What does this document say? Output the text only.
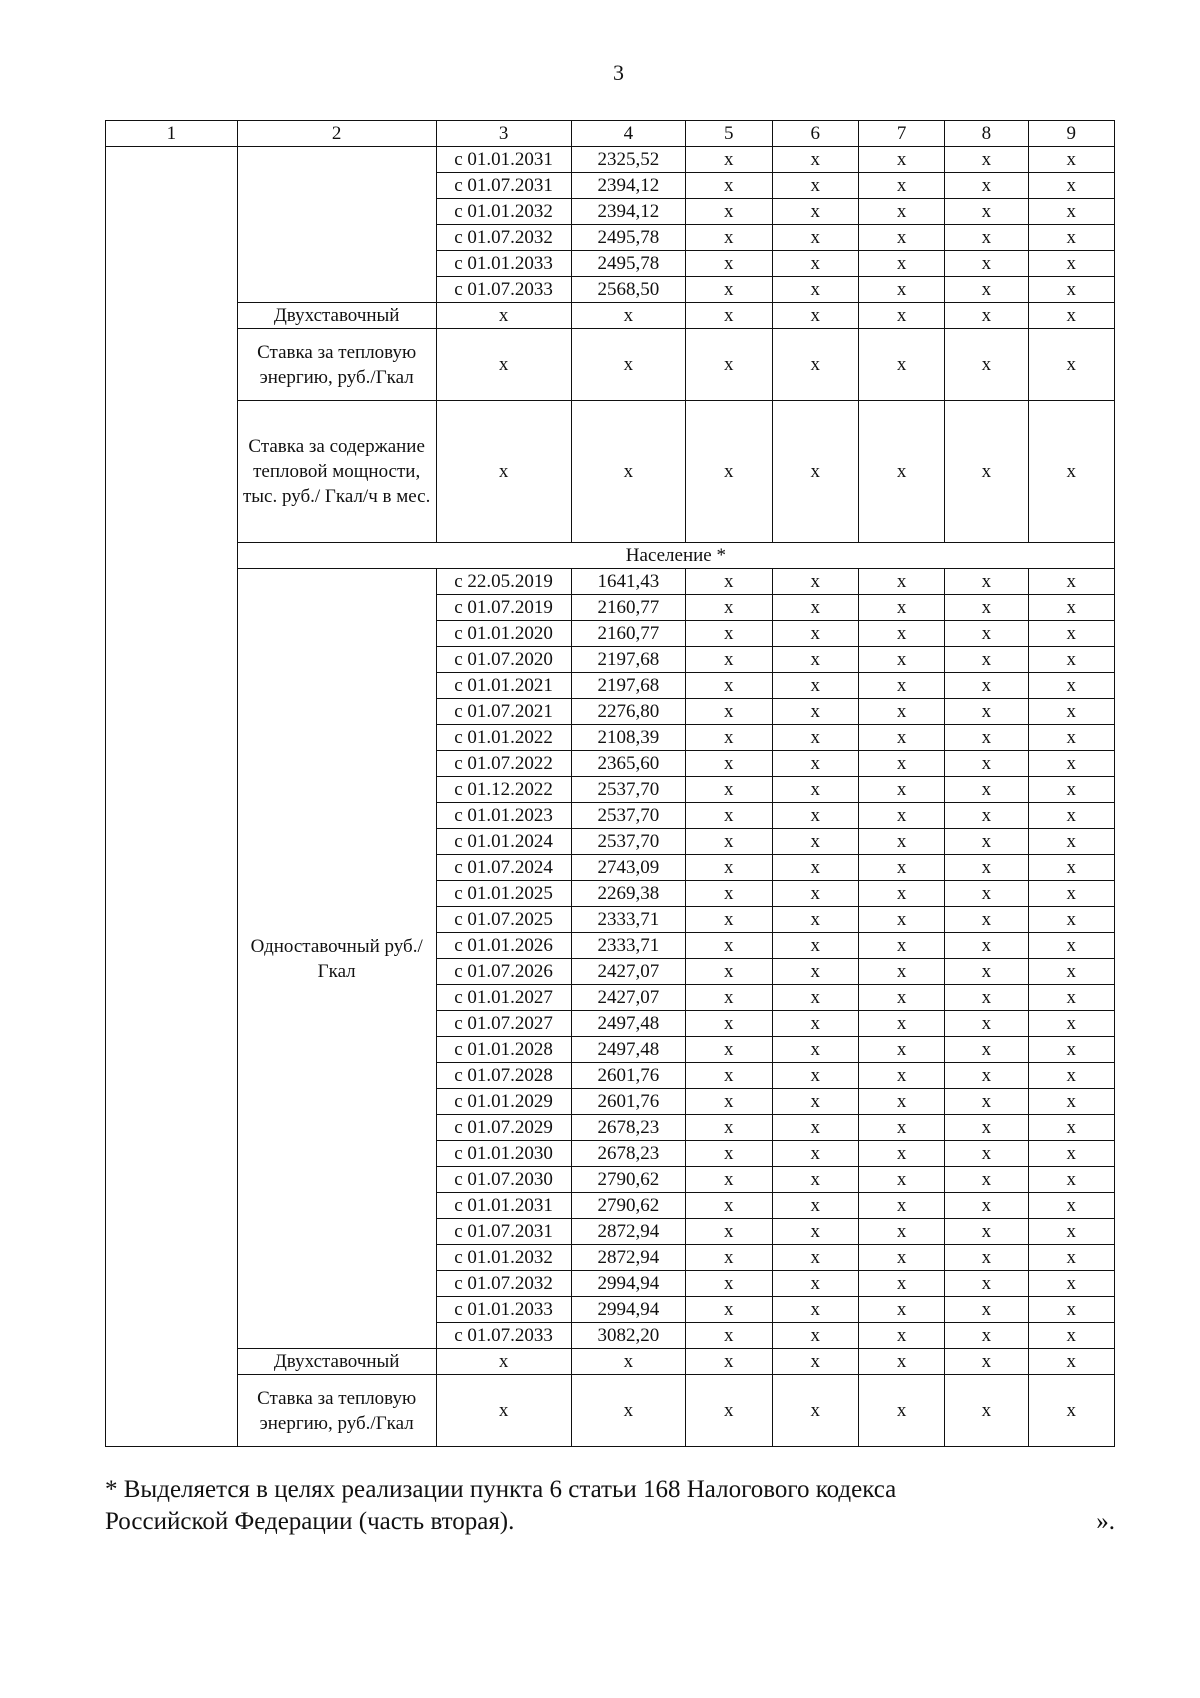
3
1	2	3	4	5	6	7	8	9
		с 01.01.2031	2325,52	х	х	х	х	х
		с 01.07.2031	2394,12	х	х	х	х	х
		с 01.01.2032	2394,12	х	х	х	х	х
		с 01.07.2032	2495,78	х	х	х	х	х
		с 01.01.2033	2495,78	х	х	х	х	х
		с 01.07.2033	2568,50	х	х	х	х	х
	Двухставочный	х	х	х	х	х	х	х
	Ставка за тепловую энергию, руб./Гкал	х	х	х	х	х	х	х
	Ставка за содержание тепловой мощности, тыс. руб./ Гкал/ч в мес.	х	х	х	х	х	х	х
	Население *							
	Одноставочный руб./Гкал	с 22.05.2019	1641,43	х	х	х	х	х
		с 01.07.2019	2160,77	х	х	х	х	х
		с 01.01.2020	2160,77	х	х	х	х	х
		с 01.07.2020	2197,68	х	х	х	х	х
		с 01.01.2021	2197,68	х	х	х	х	х
		с 01.07.2021	2276,80	х	х	х	х	х
		с 01.01.2022	2108,39	х	х	х	х	х
		с 01.07.2022	2365,60	х	х	х	х	х
		с 01.12.2022	2537,70	х	х	х	х	х
		с 01.01.2023	2537,70	х	х	х	х	х
		с 01.01.2024	2537,70	х	х	х	х	х
		с 01.07.2024	2743,09	х	х	х	х	х
		с 01.01.2025	2269,38	х	х	х	х	х
		с 01.07.2025	2333,71	х	х	х	х	х
		с 01.01.2026	2333,71	х	х	х	х	х
		с 01.07.2026	2427,07	х	х	х	х	х
		с 01.01.2027	2427,07	х	х	х	х	х
		с 01.07.2027	2497,48	х	х	х	х	х
		с 01.01.2028	2497,48	х	х	х	х	х
		с 01.07.2028	2601,76	х	х	х	х	х
		с 01.01.2029	2601,76	х	х	х	х	х
		с 01.07.2029	2678,23	х	х	х	х	х
		с 01.01.2030	2678,23	х	х	х	х	х
		с 01.07.2030	2790,62	х	х	х	х	х
		с 01.01.2031	2790,62	х	х	х	х	х
		с 01.07.2031	2872,94	х	х	х	х	х
		с 01.01.2032	2872,94	х	х	х	х	х
		с 01.07.2032	2994,94	х	х	х	х	х
		с 01.01.2033	2994,94	х	х	х	х	х
		с 01.07.2033	3082,20	х	х	х	х	х
	Двухставочный	х	х	х	х	х	х	х
	Ставка за тепловую энергию, руб./Гкал	х	х	х	х	х	х	х
* Выделяется в целях реализации пункта 6 статьи 168 Налогового кодекса
Российской Федерации (часть вторая).	».
